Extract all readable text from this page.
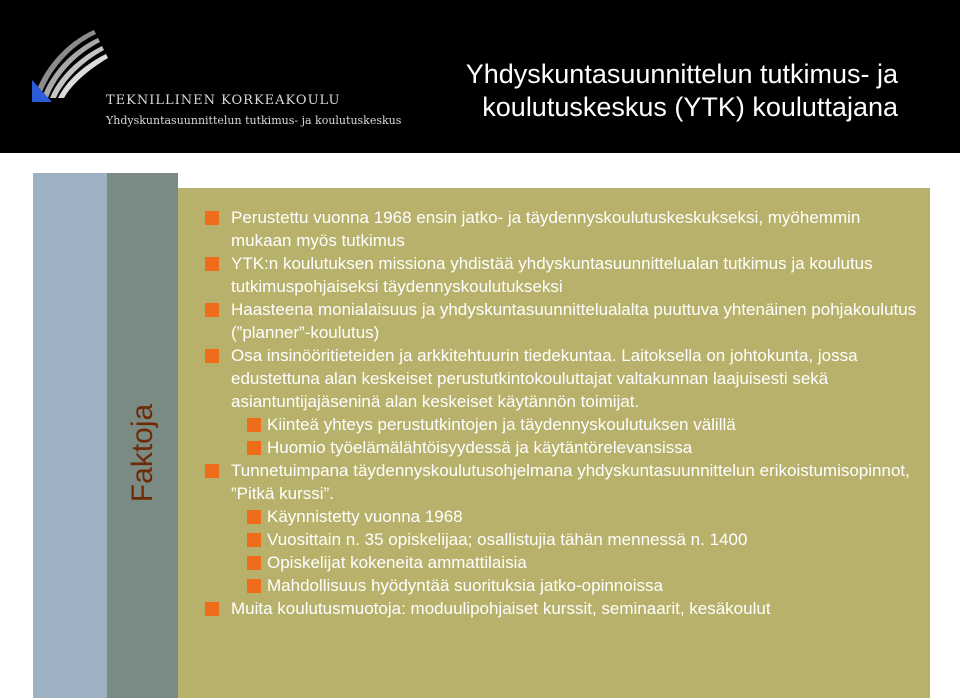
TEKNILLINEN KORKEAKOULU
Yhdyskuntasuunnittelun tutkimus- ja koulutuskeskus
Yhdyskuntasuunnittelun tutkimus- ja
koulutuskeskus (YTK) kouluttajana
Faktoja
Perustettu vuonna 1968 ensin jatko- ja täydennyskoulutuskeskukseksi, myöhemmin mukaan myös tutkimus
YTK:n koulutuksen missiona yhdistää yhdyskuntasuunnittelualan tutkimus ja koulutus tutkimuspohjaiseksi täydennyskoulutukseksi
Haasteena monialaisuus ja yhdyskuntasuunnittelualalta puuttuva yhtenäinen pohjakoulutus (”planner”-koulutus)
Osa insinööritieteiden ja arkkitehtuurin tiedekuntaa. Laitoksella on johtokunta, jossa edustettuna alan keskeiset perustutkintokouluttajat valtakunnan laajuisesti sekä asiantuntijajäseninä alan keskeiset käytännön toimijat.
Kiinteä yhteys perustutkintojen ja täydennyskoulutuksen välillä
Huomio työelämälähtöisyydessä ja käytäntörelevansissa
Tunnetuimpana täydennyskoulutusohjelmana yhdyskuntasuunnittelun erikoistumisopinnot, ”Pitkä kurssi”.
Käynnistetty vuonna 1968
Vuosittain n. 35 opiskelijaa; osallistujia tähän mennessä n. 1400
Opiskelijat kokeneita ammattilaisia
Mahdollisuus hyödyntää suorituksia jatko-opinnoissa
Muita koulutusmuotoja: moduulipohjaiset kurssit, seminaarit, kesäkoulut
